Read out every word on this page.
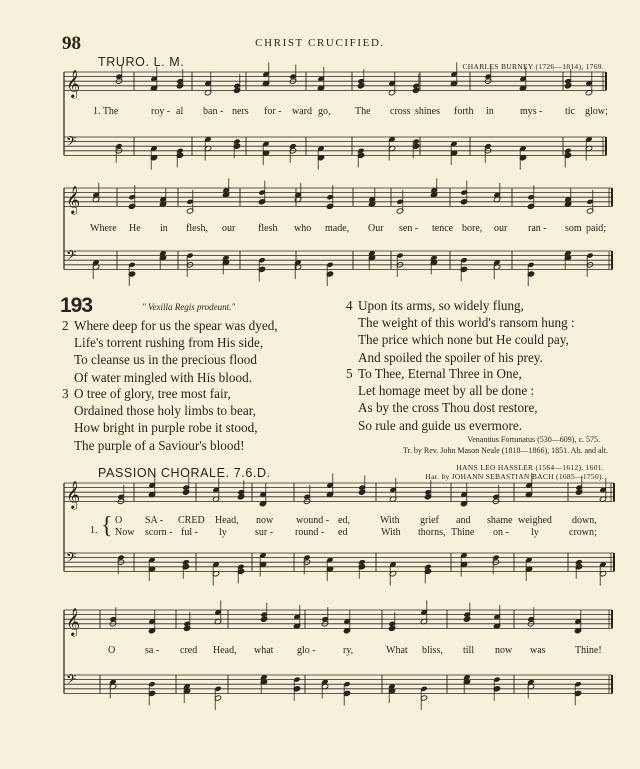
98	CHRIST CRUCIFIED.
TRURO. L. M.	CHARLES BURNEY (1726—1814), 1769.
𝄞
𝄢
𝄞
𝄢
𝄞
𝄢
𝄞
𝄢
1. The	roy - al ban - ners for - ward go, The cross shines forth in	mys - tic glow;
Where He in flesh, our flesh who made, Our sen - tence bore, our ran - som paid;
193	" Vexilla Regis prodeunt."
2 Where deep for us the spear was dyed,
Life's torrent rushing from His side,
To cleanse us in the precious flood
Of water mingled with His blood.
3 O tree of glory, tree most fair,
Ordained those holy limbs to bear,
How bright in purple robe it stood,
The purple of a Saviour's blood!
4 Upon its arms, so widely flung,
The weight of this world's ransom hung :
The price which none but He could pay,
And spoiled the spoiler of his prey.
5 To Thee, Eternal Three in One,
Let homage meet by all be done :
As by the cross Thou dost restore,
So rule and guide us evermore.
Venantius Fortunatus (530—609), c. 575.
Tr. by Rev. John Mason Neale (1818—1866), 1851. Ab. and alt.
PASSION CHORALE. 7.6.D.	HANS LEO HASSLER (1564—1612), 1601.
Har. by JOHANN SEBASTIAN BACH (1685—1750).
1. { O SA - CRED Head, now wound - ed,	With grief and shame weighed down,
Now scorn - ful - ly	sur - round - ed	With thorns, Thine on - ly	crown;
O	sa - cred Head, what glo -	ry,	What bliss, till now was	Thine!
